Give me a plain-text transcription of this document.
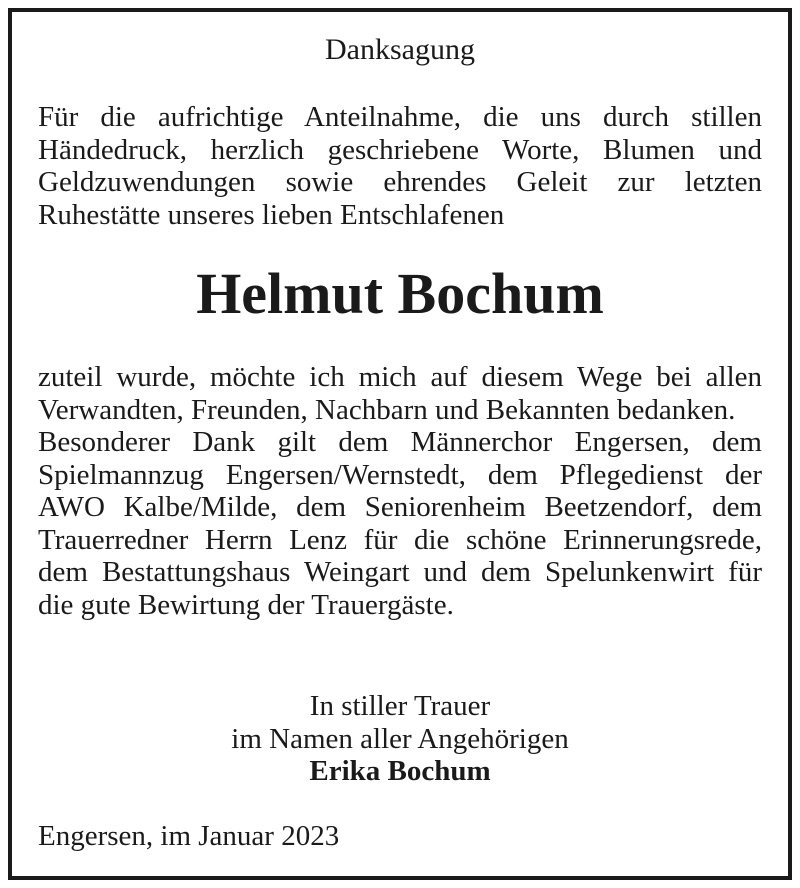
Danksagung
Für die aufrichtige Anteilnahme, die uns durch stillen Händedruck, herzlich geschriebene Worte, Blumen und Geldzuwendungen sowie ehrendes Geleit zur letzten Ruhestätte unseres lieben Entschlafenen
Helmut Bochum
zuteil wurde, möchte ich mich auf diesem Wege bei allen Verwandten, Freunden, Nachbarn und Bekannten bedanken.
Besonderer Dank gilt dem Männerchor Engersen, dem Spielmannzug Engersen/Wernstedt, dem Pflegedienst der AWO Kalbe/Milde, dem Seniorenheim Beetzendorf, dem Trauerredner Herrn Lenz für die schöne Erinnerungsrede, dem Bestattungshaus Weingart und dem Spelunkenwirt für die gute Bewirtung der Trauergäste.
In stiller Trauer
im Namen aller Angehörigen
Erika Bochum
Engersen, im Januar 2023
